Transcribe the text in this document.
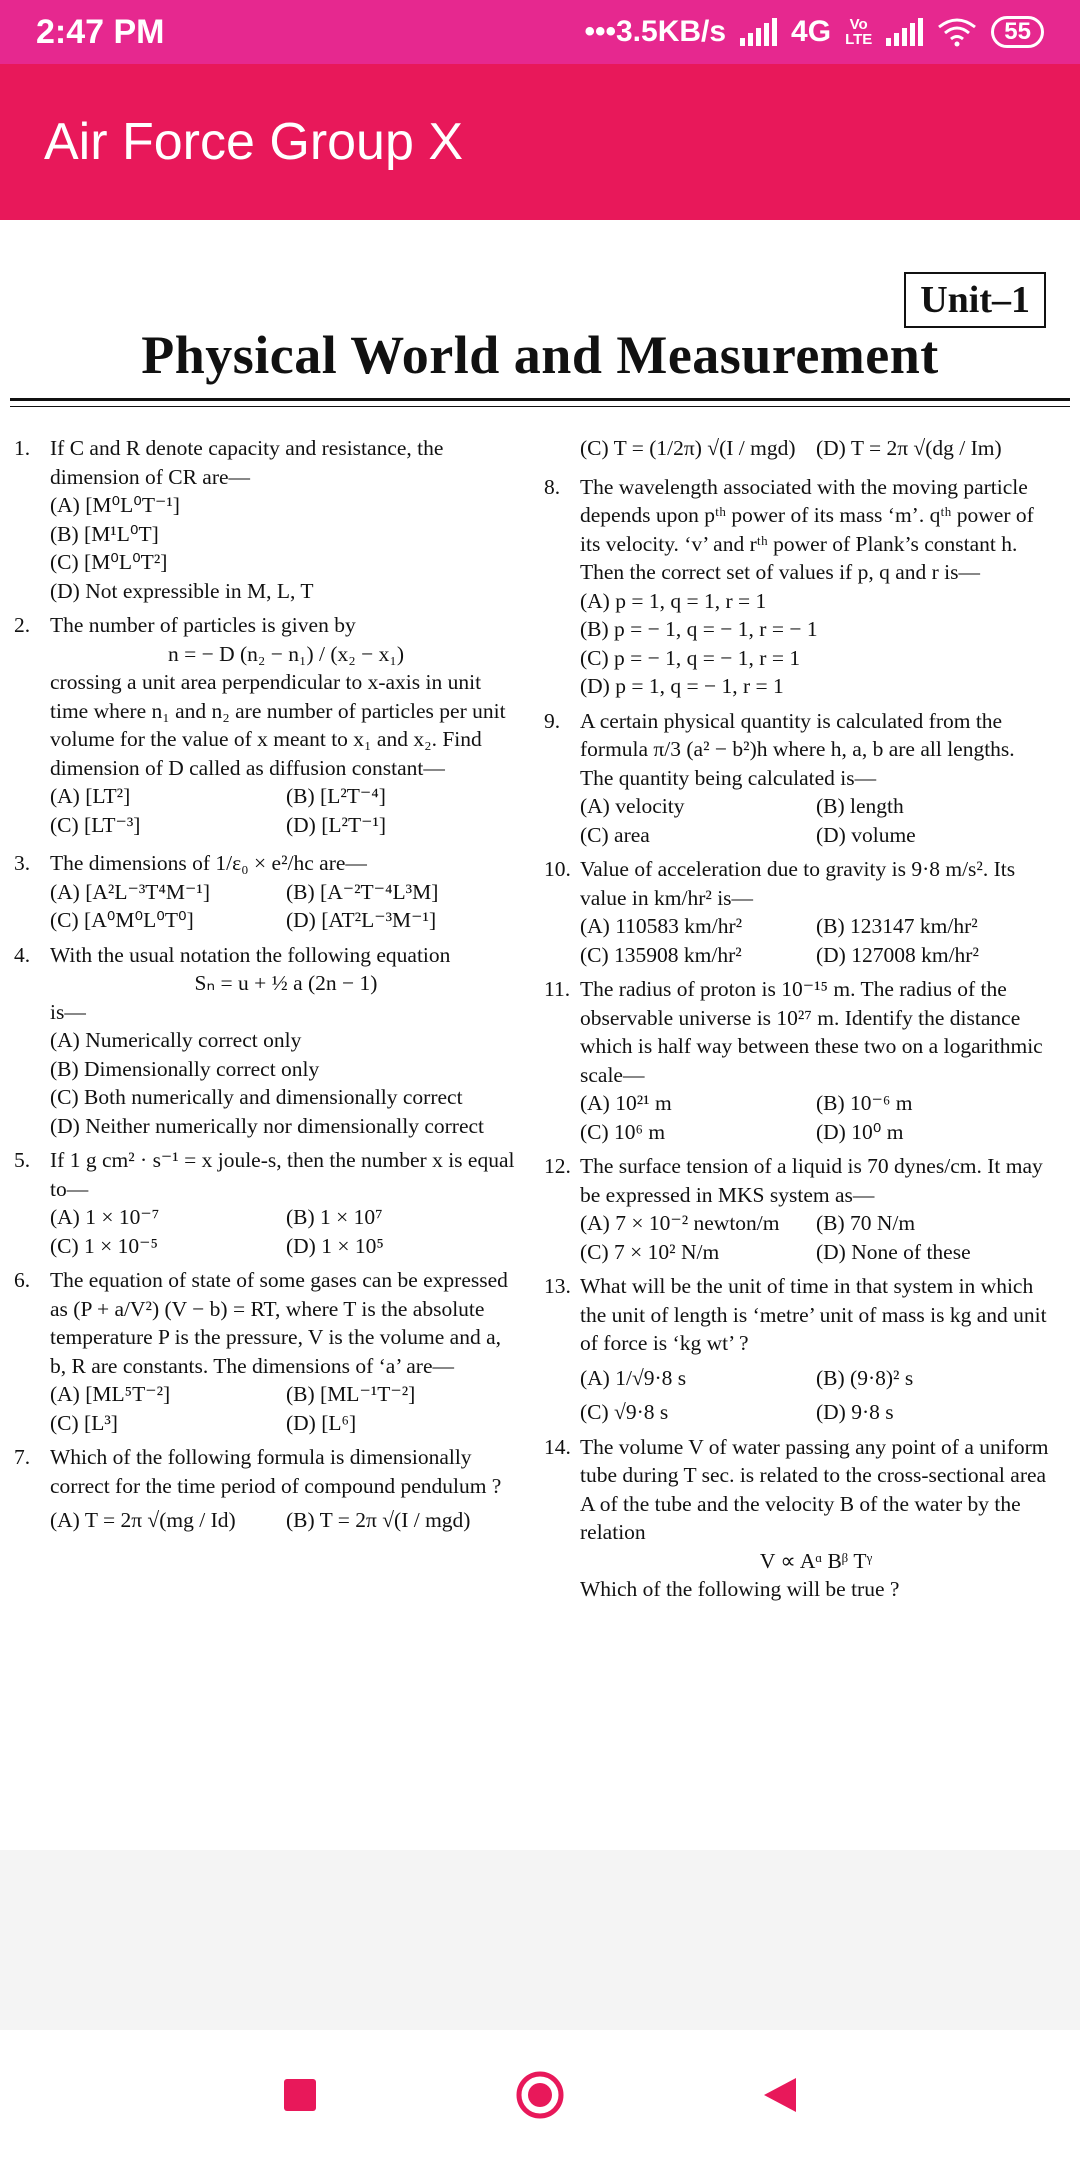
2:47 PM	•••3.5KB/s 4G	Vo
LTE	55
Air Force Group X
Unit–1
Physical World and Measurement
1. If C and R denote capacity and resistance, the dimension of CR are—
(A) [M⁰L⁰T⁻¹]
(B) [M¹L⁰T]
(C) [M⁰L⁰T²]
(D) Not expressible in M, L, T
2. The number of particles is given by
n = − D (n₂ − n₁) / (x₂ − x₁)
crossing a unit area perpendicular to x-axis in unit time where n₁ and n₂ are number of particles per unit volume for the value of x meant to x₁ and x₂. Find dimension of D called as diffusion constant—
(A) [LT²]	(B) [L²T⁻⁴]
(C) [LT⁻³]	(D) [L²T⁻¹]
3. The dimensions of 1/ε₀ × e²/hc are—
(A) [A²L⁻³T⁴M⁻¹]	(B) [A⁻²T⁻⁴L³M]
(C) [A⁰M⁰L⁰T⁰]	(D) [AT²L⁻³M⁻¹]
4. With the usual notation the following equation
Sₙ = u + ½ a (2n − 1)
is—
(A) Numerically correct only
(B) Dimensionally correct only
(C) Both numerically and dimensionally correct
(D) Neither numerically nor dimensionally correct
5. If 1 g cm² · s⁻¹ = x joule-s, then the number x is equal to—
(A) 1 × 10⁻⁷	(B) 1 × 10⁷
(C) 1 × 10⁻⁵	(D) 1 × 10⁵
6. The equation of state of some gases can be expressed as (P + a/V²) (V − b) = RT, where T is the absolute temperature P is the pressure, V is the volume and a, b, R are constants. The dimensions of ‘a’ are—
(A) [ML⁵T⁻²]	(B) [ML⁻¹T⁻²]
(C) [L³]	(D) [L⁶]
7. Which of the following formula is dimensionally correct for the time period of compound pendulum ?
(A) T = 2π √(mg / Id)	(B) T = 2π √(I / mgd)
(C) T = (1/2π) √(I / mgd) (D) T = 2π √(dg / Im)
8. The wavelength associated with the moving particle depends upon pᵗʰ power of its mass ‘m’. qᵗʰ power of its velocity. ‘v’ and rᵗʰ power of Plank’s constant h. Then the correct set of values if p, q and r is—
(A) p = 1, q = 1, r = 1
(B) p = − 1, q = − 1, r = − 1
(C) p = − 1, q = − 1, r = 1
(D) p = 1, q = − 1, r = 1
9. A certain physical quantity is calculated from the formula π/3 (a² − b²)h where h, a, b are all lengths. The quantity being calculated is—
(A) velocity	(B) length
(C) area	(D) volume
10. Value of acceleration due to gravity is 9·8 m/s². Its value in km/hr² is—
(A) 110583 km/hr²	(B) 123147 km/hr²
(C) 135908 km/hr²	(D) 127008 km/hr²
11. The radius of proton is 10⁻¹⁵ m. The radius of the observable universe is 10²⁷ m. Identify the distance which is half way between these two on a logarithmic scale—
(A) 10²¹ m	(B) 10⁻⁶ m
(C) 10⁶ m	(D) 10⁰ m
12. The surface tension of a liquid is 70 dynes/cm. It may be expressed in MKS system as—
(A) 7 × 10⁻² newton/m	(B) 70 N/m
(C) 7 × 10² N/m	(D) None of these
13. What will be the unit of time in that system in which the unit of length is ‘metre’ unit of mass is kg and unit of force is ‘kg wt’ ?
(A) 1/√9·8 s	(B) (9·8)² s
(C) √9·8 s	(D) 9·8 s
14. The volume V of water passing any point of a uniform tube during T sec. is related to the cross-sectional area A of the tube and the velocity B of the water by the relation
V ∝ Aᵅ Bᵝ Tᵞ
Which of the following will be true ?
